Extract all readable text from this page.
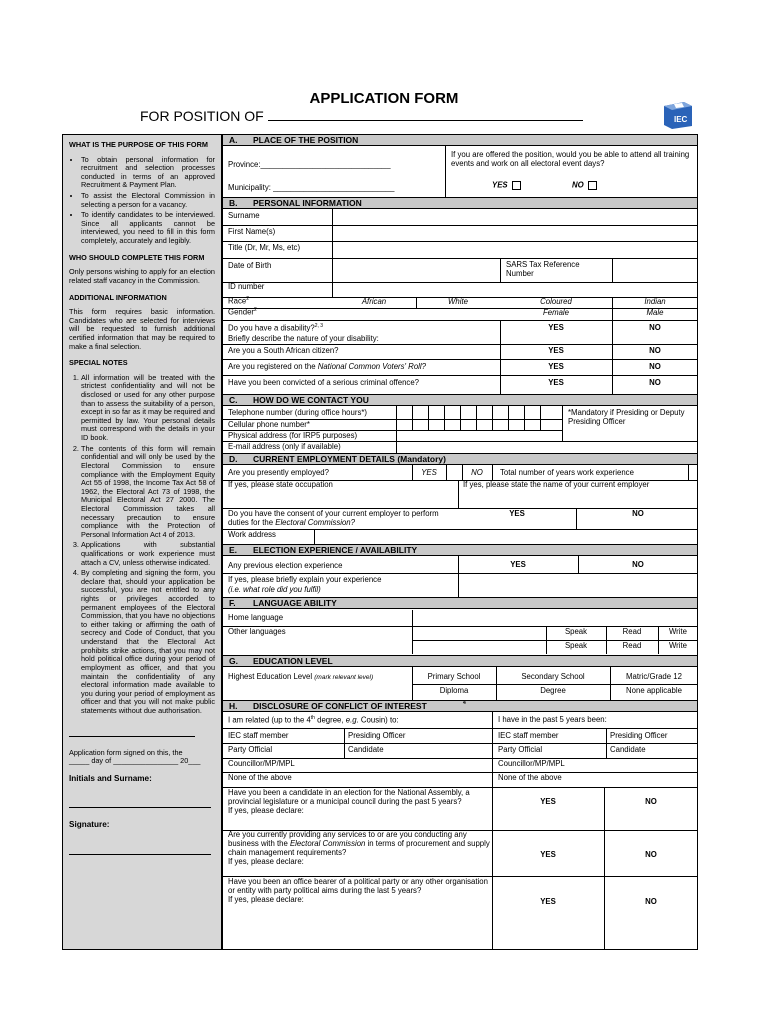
APPLICATION FORM
FOR POSITION OF	IEC
WHAT IS THE PURPOSE OF THIS FORM
• To obtain personal information for recruitment and selection processes conducted in terms of an approved Recruitment & Payment Plan.
• To assist the Electoral Commission in selecting a person for a vacancy.
• To identify candidates to be interviewed. Since all applicants cannot be interviewed, you need to fill in this form completely, accurately and legibly.
WHO SHOULD COMPLETE THIS FORM

Only persons wishing to apply for an election related staff vacancy in the Commission.

ADDITIONAL INFORMATION

This form requires basic information. Candidates who are selected for interviews will be requested to furnish additional certified information that may be required to make a final selection.

SPECIAL NOTES
1. All information will be treated with the strictest confidentiality and will not be disclosed or used for any other purpose than to assess the suitability of a person, except in so far as it may be required and permitted by law. Your personal details must correspond with the details in your ID book.
2. The contents of this form will remain confidential and will only be used by the Electoral Commission to ensure compliance with the Employment Equity Act 55 of 1998, the Income Tax Act 58 of 1962, the Electoral Act 73 of 1998, the Municipal Electoral Act 27 2000. The Electoral Commission takes all necessary precaution to ensure compliance with the Protection of Personal Information Act 4 of 2013.
3. Applications with substantial qualifications or work experience must attach a CV, unless otherwise indicated.
4. By completing and signing the form, you declare that, should your application be successful, you are not entitled to any rights or privileges accorded to permanent employees of the Electoral Commission, that you have no objections to either taking or affirming the oath of secrecy and Code of Conduct, that you understand that the Electoral Act prohibits strike actions, that you may not hold political office during your period of employment as officer, and that you maintain the confidentiality of any electoral information made available to you during your period of employment as officer and that you will not make public statements without due authorisation.
Application form signed on this, the
_____ day of ________________ 20___
Initials and Surname:
Signature:
A. PLACE OF THE POSITION
Province:______________________________
Municipality: ____________________________
If you are offered the position, would you be able to attend all training events and work on all electoral event days?
YES	NO
B. PERSONAL INFORMATION
Surname
First Name(s)
Title (Dr, Mr, Ms, etc)
Date of Birth	SARS Tax Reference Number
ID number
Race$^2$	African	White	Coloured	Indian
Gender$^2$	Female	Male
Do you have a disability?$^{2, 3}$
Briefly describe the nature of your disability:
YES	NO
Are you a South African citizen?	YES	NO
Are you registered on the National Common Voters' Roll?	YES	NO
Have you been convicted of a serious criminal offence?	YES	NO
C. HOW DO WE CONTACT YOU
Telephone number (during office hours*)
Cellular phone number*
Physical address (for IRP5 purposes)
E-mail address (only if available)
*Mandatory if Presiding or Deputy Presiding Officer
D. CURRENT EMPLOYMENT DETAILS (Mandatory)
Are you presently employed?	YES	NO	Total number of years work experience
If yes, please state occupation	If yes, please state the name of your current employer
Do you have the consent of your current employer to perform duties for the Electoral Commission?
YES	NO
Work address
E. ELECTION EXPERIENCE / AVAILABILITY
Any previous election experience	YES	NO
If yes, please briefly explain your experience
(i.e. what role did you fulfil)
F. LANGUAGE ABILITY
Home language
Other languages	Speak	Read	Write
Speak	Read	Write
G. EDUCATION LEVEL
Highest Education Level (mark relevant level)	Primary School	Secondary School	Matric/Grade 12
Diploma	Degree	None applicable
H. DISCLOSURE OF CONFLICT OF INTEREST	4
I am related (up to the 4th degree, e.g. Cousin) to:	I have in the past 5 years been:
IEC staff member	Presiding Officer
Party Official	Candidate
Councillor/MP/MPL
None of the above
IEC staff member	Presiding Officer
Party Official	Candidate
Councillor/MP/MPL
None of the above
Have you been a candidate in an election for the National Assembly, a provincial legislature or a municipal council during the past 5 years?
If yes, please declare:
YES	NO
Are you currently providing any services to or are you conducting any business with the Electoral Commission in terms of procurement and supply chain management requirements?
If yes, please declare:
YES	NO
Have you been an office bearer of a political party or any other organisation or entity with party political aims during the last 5 years?
If yes, please declare:	YES	NO
